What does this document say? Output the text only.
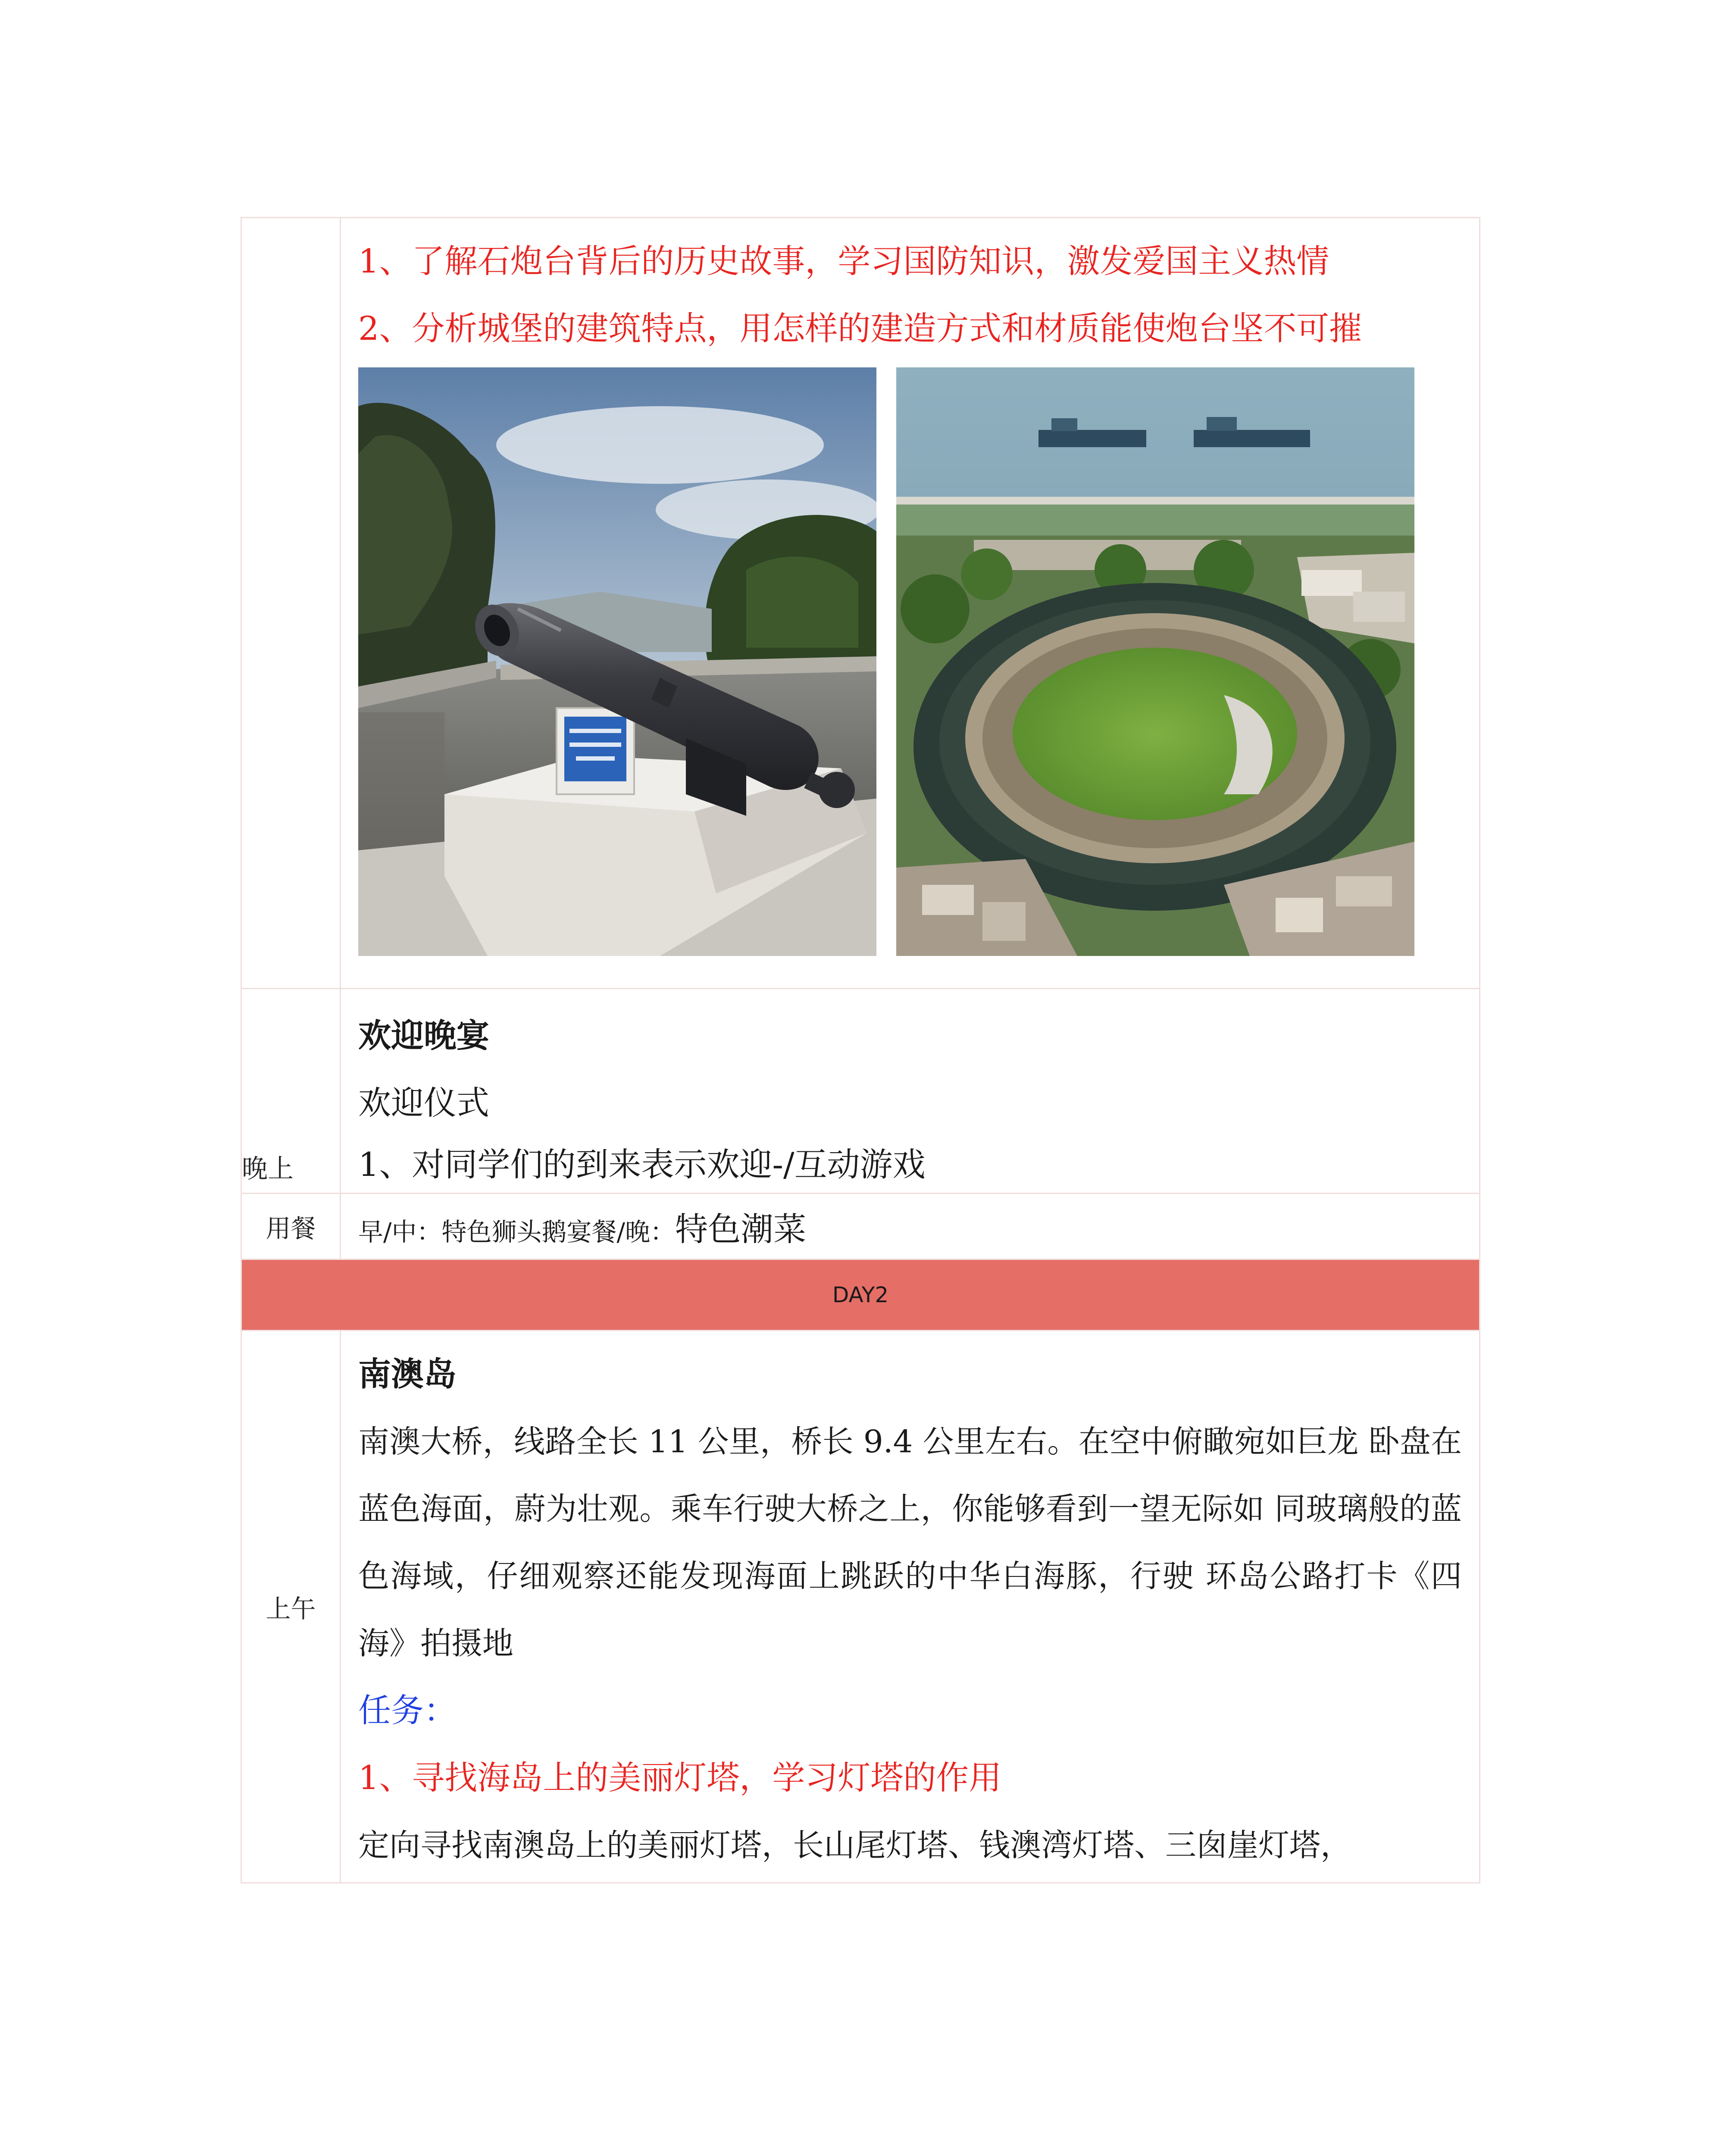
	1、了解石炮台背后的历史故事，学习国防知识，激发爱国主义热情
2、分析城堡的建筑特点，用怎样的建造方式和材质能使炮台坚不可摧

晚上	欢迎晚宴
欢迎仪式
1、对同学们的到来表示欢迎-/互动游戏

用餐	早/中：特色狮头鹅宴餐/晚：特色潮菜
DAY2	
上午	南澳岛
南澳大桥，线路全长 11 公里，桥长 9.4 公里左右。在空中俯瞰宛如巨龙 卧盘在蓝色海面，蔚为壮观。乘车行驶大桥之上，你能够看到一望无际如 同玻璃般的蓝色海域，仔细观察还能发现海面上跳跃的中华白海豚，行驶 环岛公路打卡《四海》拍摄地
任务：
1、寻找海岛上的美丽灯塔，学习灯塔的作用
定向寻找南澳岛上的美丽灯塔，长山尾灯塔、钱澳湾灯塔、三囱崖灯塔，
